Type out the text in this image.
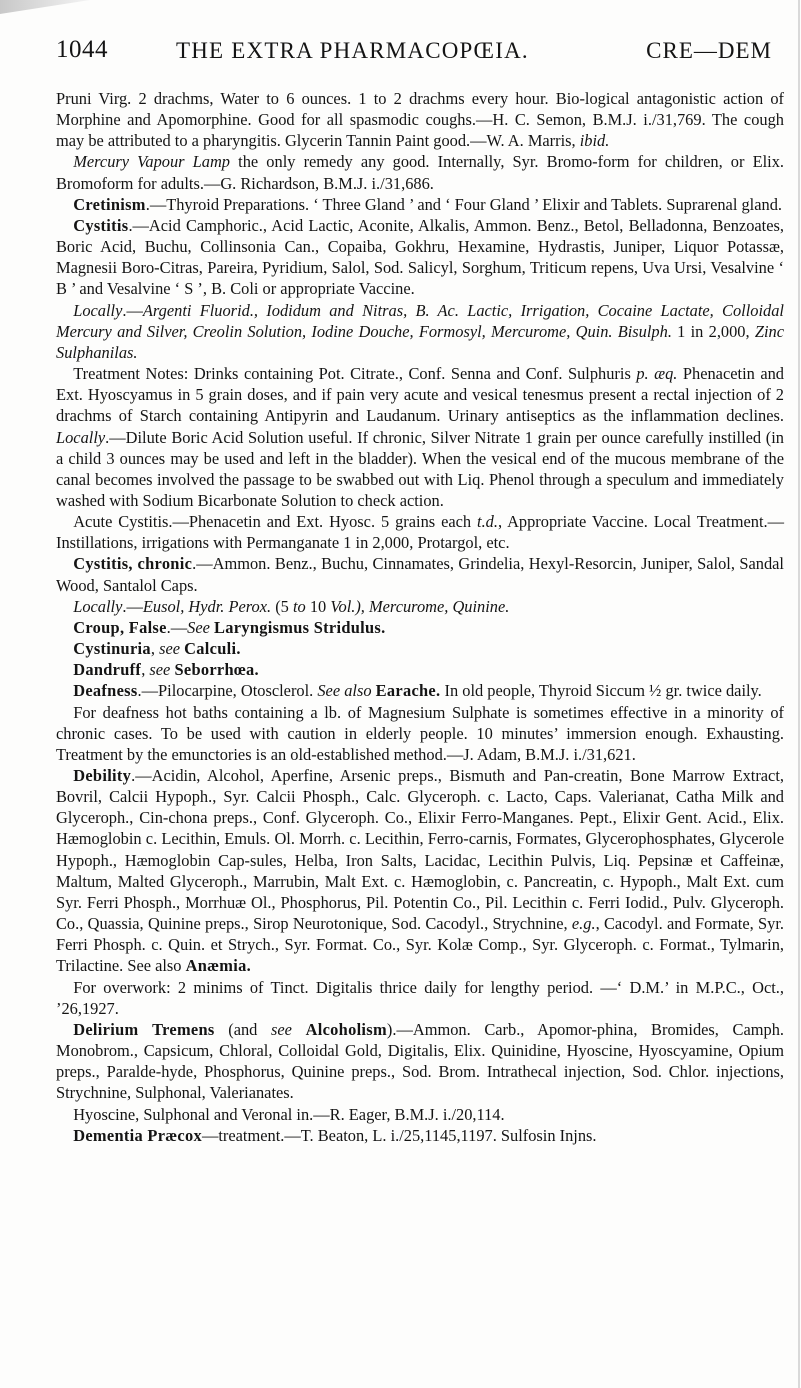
1044	THE EXTRA PHARMACOPŒIA.	CRE—DEM

Pruni Virg. 2 drachms, Water to 6 ounces. 1 to 2 drachms every hour. Bio-logical antagonistic action of Morphine and Apomorphine. Good for all spasmodic coughs.—H. C. Semon, B.M.J. i./31,769. The cough may be attributed to a pharyngitis. Glycerin Tannin Paint good.—W. A. Marris, ibid.

Mercury Vapour Lamp the only remedy any good. Internally, Syr. Bromo-form for children, or Elix. Bromoform for adults.—G. Richardson, B.M.J. i./31,686.

Cretinism.—Thyroid Preparations. ‘ Three Gland ’ and ‘ Four Gland ’ Elixir and Tablets. Suprarenal gland.

Cystitis.—Acid Camphoric., Acid Lactic, Aconite, Alkalis, Ammon. Benz., Betol, Belladonna, Benzoates, Boric Acid, Buchu, Collinsonia Can., Copaiba, Gokhru, Hexamine, Hydrastis, Juniper, Liquor Potassæ, Magnesii Boro-Citras, Pareira, Pyridium, Salol, Sod. Salicyl, Sorghum, Triticum repens, Uva Ursi, Vesalvine ‘ B ’ and Vesalvine ‘ S ’, B. Coli or appropriate Vaccine.

Locally.—Argenti Fluorid., Iodidum and Nitras, B. Ac. Lactic, Irrigation, Cocaine Lactate, Colloidal Mercury and Silver, Creolin Solution, Iodine Douche, Formosyl, Mercurome, Quin. Bisulph. 1 in 2,000, Zinc Sulphanilas.

Treatment Notes: Drinks containing Pot. Citrate., Conf. Senna and Conf. Sulphuris p. æq. Phenacetin and Ext. Hyoscyamus in 5 grain doses, and if pain very acute and vesical tenesmus present a rectal injection of 2 drachms of Starch containing Antipyrin and Laudanum. Urinary antiseptics as the inflammation declines. Locally.—Dilute Boric Acid Solution useful. If chronic, Silver Nitrate 1 grain per ounce carefully instilled (in a child 3 ounces may be used and left in the bladder). When the vesical end of the mucous membrane of the canal becomes involved the passage to be swabbed out with Liq. Phenol through a speculum and immediately washed with Sodium Bicarbonate Solution to check action.

Acute Cystitis.—Phenacetin and Ext. Hyosc. 5 grains each t.d., Appropriate Vaccine. Local Treatment.—Instillations, irrigations with Permanganate 1 in 2,000, Protargol, etc.

Cystitis, chronic.—Ammon. Benz., Buchu, Cinnamates, Grindelia, Hexyl-Resorcin, Juniper, Salol, Sandal Wood, Santalol Caps.

Locally.—Eusol, Hydr. Perox. (5 to 10 Vol.), Mercurome, Quinine.

Croup, False.—See Laryngismus Stridulus.

Cystinuria, see Calculi.

Dandruff, see Seborrhœa.

Deafness.—Pilocarpine, Otosclerol. See also Earache. In old people, Thyroid Siccum ½ gr. twice daily.

For deafness hot baths containing a lb. of Magnesium Sulphate is sometimes effective in a minority of chronic cases. To be used with caution in elderly people. 10 minutes’ immersion enough. Exhausting. Treatment by the emunctories is an old-established method.—J. Adam, B.M.J. i./31,621.

Debility.—Acidin, Alcohol, Aperfine, Arsenic preps., Bismuth and Pan-creatin, Bone Marrow Extract, Bovril, Calcii Hypoph., Syr. Calcii Phosph., Calc. Glyceroph. c. Lacto, Caps. Valerianat, Catha Milk and Glyceroph., Cin-chona preps., Conf. Glyceroph. Co., Elixir Ferro-Manganes. Pept., Elixir Gent. Acid., Elix. Hæmoglobin c. Lecithin, Emuls. Ol. Morrh. c. Lecithin, Ferro-carnis, Formates, Glycerophosphates, Glycerole Hypoph., Hæmoglobin Cap-sules, Helba, Iron Salts, Lacidac, Lecithin Pulvis, Liq. Pepsinæ et Caffeinæ, Maltum, Malted Glyceroph., Marrubin, Malt Ext. c. Hæmoglobin, c. Pancreatin, c. Hypoph., Malt Ext. cum Syr. Ferri Phosph., Morrhuæ Ol., Phosphorus, Pil. Potentin Co., Pil. Lecithin c. Ferri Iodid., Pulv. Glyceroph. Co., Quassia, Quinine preps., Sirop Neurotonique, Sod. Cacodyl., Strychnine, e.g., Cacodyl. and Formate, Syr. Ferri Phosph. c. Quin. et Strych., Syr. Format. Co., Syr. Kolæ Comp., Syr. Glyceroph. c. Format., Tylmarin, Trilactine. See also Anæmia.

For overwork: 2 minims of Tinct. Digitalis thrice daily for lengthy period. —‘ D.M.’ in M.P.C., Oct., ’26,1927.

Delirium Tremens (and see Alcoholism).—Ammon. Carb., Apomor-phina, Bromides, Camph. Monobrom., Capsicum, Chloral, Colloidal Gold, Digitalis, Elix. Quinidine, Hyoscine, Hyoscyamine, Opium preps., Paralde-hyde, Phosphorus, Quinine preps., Sod. Brom. Intrathecal injection, Sod. Chlor. injections, Strychnine, Sulphonal, Valerianates.

Hyoscine, Sulphonal and Veronal in.—R. Eager, B.M.J. i./20,114.

Dementia Præcox—treatment.—T. Beaton, L. i./25,1145,1197. Sulfosin Injns.
